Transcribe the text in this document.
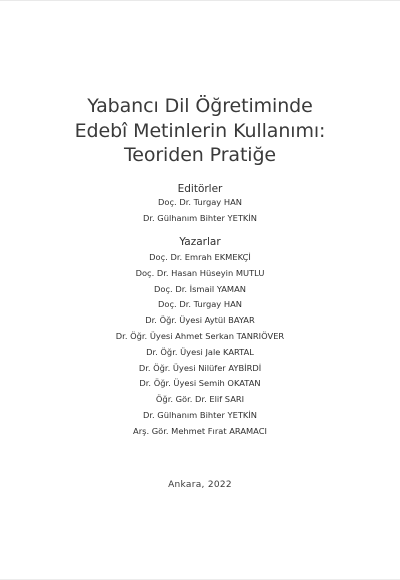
Yabancı Dil Öğretiminde
Edebî Metinlerin Kullanımı:
Teoriden Pratiğe
Editörler
Doç. Dr. Turgay HAN
Dr. Gülhanım Bihter YETKİN
Yazarlar
Doç. Dr. Emrah EKMEKÇİ
Doç. Dr. Hasan Hüseyin MUTLU
Doç. Dr. İsmail YAMAN
Doç. Dr. Turgay HAN
Dr. Öğr. Üyesi Aytül BAYAR
Dr. Öğr. Üyesi Ahmet Serkan TANRIÖVER
Dr. Öğr. Üyesi Jale KARTAL
Dr. Öğr. Üyesi Nilüfer AYBİRDİ
Dr. Öğr. Üyesi Semih OKATAN
Öğr. Gör. Dr. Elif SARI
Dr. Gülhanım Bihter YETKİN
Arş. Gör. Mehmet Fırat ARAMACI
Ankara, 2022
